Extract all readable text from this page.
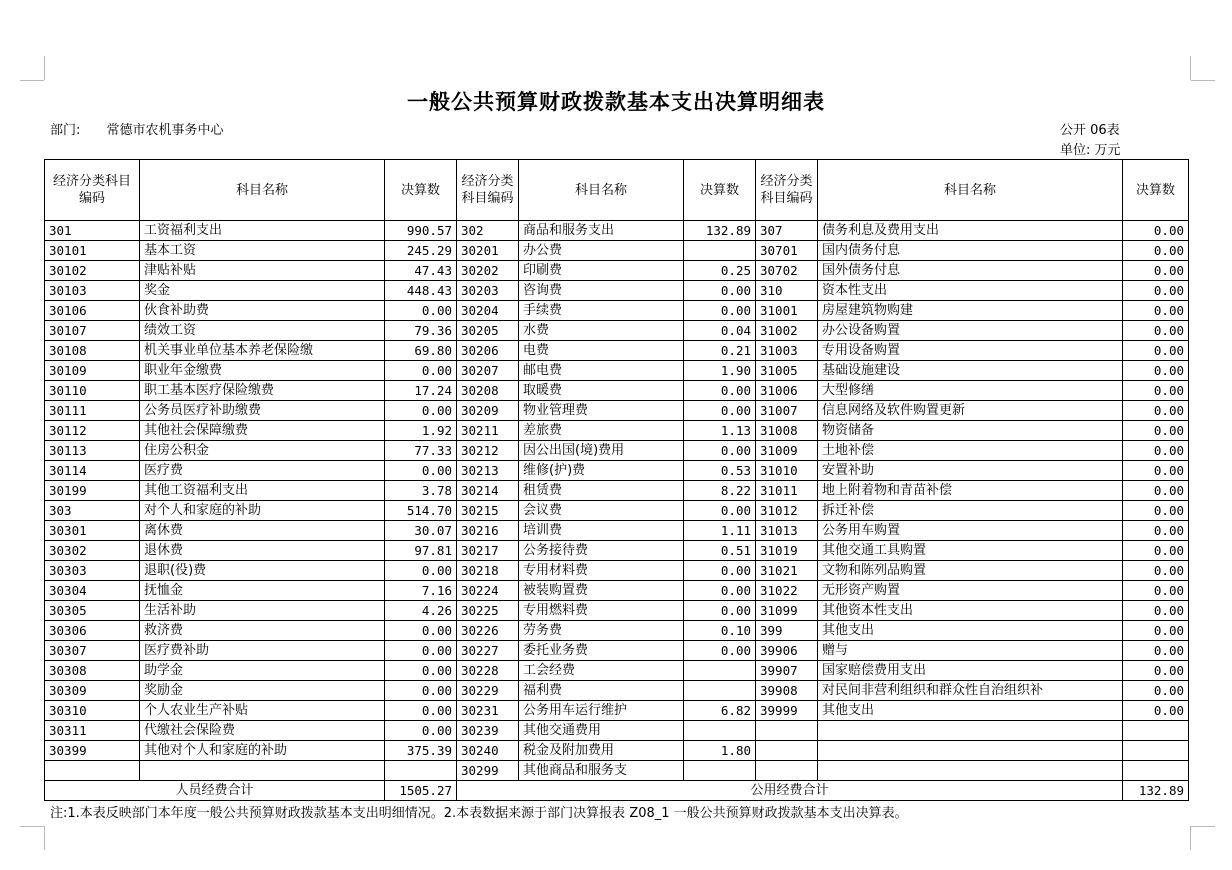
一般公共预算财政拨款基本支出决算明细表
部门: 常德市农机事务中心	公开 06表
单位: 万元
经济分类科目编码	科目名称	决算数	经济分类科目编码	科目名称	决算数	经济分类科目编码	科目名称	决算数
301	工资福利支出	990.57	302	商品和服务支出	132.89	307	债务利息及费用支出	0.00
30101	基本工资	245.29	30201	办公费		30701	国内债务付息	0.00
30102	津贴补贴	47.43	30202	印刷费	0.25	30702	国外债务付息	0.00
30103	奖金	448.43	30203	咨询费	0.00	310	资本性支出	0.00
30106	伙食补助费	0.00	30204	手续费	0.00	31001	房屋建筑物购建	0.00
30107	绩效工资	79.36	30205	水费	0.04	31002	办公设备购置	0.00
30108	机关事业单位基本养老保险缴	69.80	30206	电费	0.21	31003	专用设备购置	0.00
30109	职业年金缴费	0.00	30207	邮电费	1.90	31005	基础设施建设	0.00
30110	职工基本医疗保险缴费	17.24	30208	取暖费	0.00	31006	大型修缮	0.00
30111	公务员医疗补助缴费	0.00	30209	物业管理费	0.00	31007	信息网络及软件购置更新	0.00
30112	其他社会保障缴费	1.92	30211	差旅费	1.13	31008	物资储备	0.00
30113	住房公积金	77.33	30212	因公出国(境)费用	0.00	31009	土地补偿	0.00
30114	医疗费	0.00	30213	维修(护)费	0.53	31010	安置补助	0.00
30199	其他工资福利支出	3.78	30214	租赁费	8.22	31011	地上附着物和青苗补偿	0.00
303	对个人和家庭的补助	514.70	30215	会议费	0.00	31012	拆迁补偿	0.00
30301	离休费	30.07	30216	培训费	1.11	31013	公务用车购置	0.00
30302	退休费	97.81	30217	公务接待费	0.51	31019	其他交通工具购置	0.00
30303	退职(役)费	0.00	30218	专用材料费	0.00	31021	文物和陈列品购置	0.00
30304	抚恤金	7.16	30224	被装购置费	0.00	31022	无形资产购置	0.00
30305	生活补助	4.26	30225	专用燃料费	0.00	31099	其他资本性支出	0.00
30306	救济费	0.00	30226	劳务费	0.10	399	其他支出	0.00
30307	医疗费补助	0.00	30227	委托业务费	0.00	39906	赠与	0.00
30308	助学金	0.00	30228	工会经费		39907	国家赔偿费用支出	0.00
30309	奖励金	0.00	30229	福利费		39908	对民间非营利组织和群众性自治组织补	0.00
30310	个人农业生产补贴	0.00	30231	公务用车运行维护	6.82	39999	其他支出	0.00
30311	代缴社会保险费	0.00	30239	其他交通费用				
30399	其他对个人和家庭的补助	375.39	30240	税金及附加费用	1.80			
			30299	其他商品和服务支				
人员经费合计		1505.27	公用经费合计					132.89
注:1.本表反映部门本年度一般公共预算财政拨款基本支出明细情况。2.本表数据来源于部门决算报表 Z08_1 一般公共预算财政拨款基本支出决算表。
